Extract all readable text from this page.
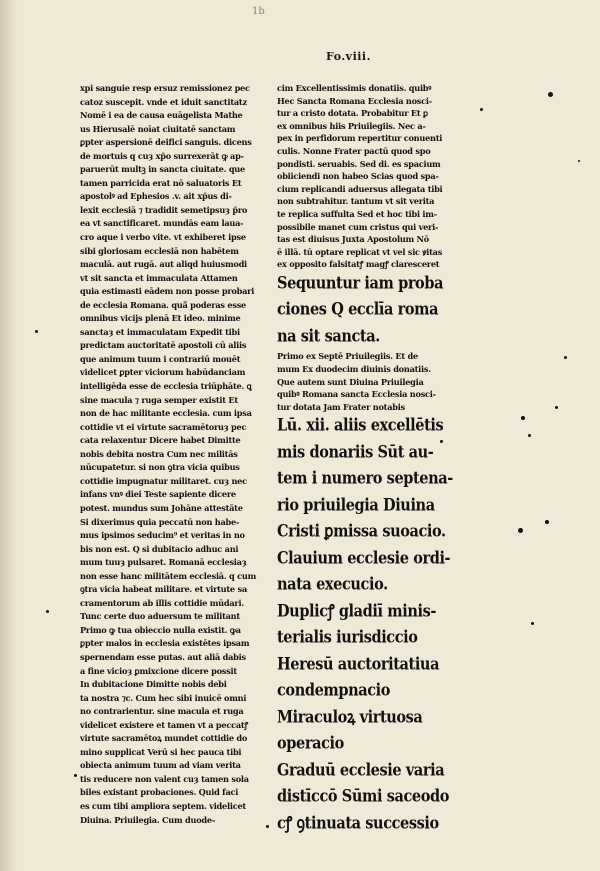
1b
Fo.viii.
xpi sanguie resp ersuz remissionez pec
catoz suscepit. vnde et iduit sanctitatz
Nomē i ea de causa euāgelista Mathe
us Hierusalē noīat ciuitatē sanctam
ꝑpter aspersionē deifici sanguis. dicens
de mortuis q cuȝ xp̄o surrexerāt ꝙ ap-
paruerūt multꝫ in sancta ciuitate. que
tamen parricida erat nō saluatoris Et
apostolꝰ ad Ephesios .v. ait xp̄us di-
lexit ecclesiā ⁊ tradidit semetipsuȝ p̄ro
ea vt sanctificaret. mundās eam laua-
cro aque i verbo vite. vt exhiberet ipse
sibi gloriosam ecclesiā non habētem
maculā. aut rugā. aut aliqd huiusmodi
vt sit sancta et immaculata Attamen
quia estimasti eādem non posse probari
de ecclesia Romana. quā̄ poderas esse
omnibus vicijs plenā Et ideo. minime
sanctaȝ et immaculatam Expedit tibi
predictam auctoritatē apostoli cū aliis
que animum tuum i contrariū mouēt
videlicet ꝑpter viciorum habūdanciam
intelligēda esse de ecclesia triūphāte. ꝗ
sine macula ⁊ ruga semper existit Et
non de hac militante ecclesia. cum ipsa
cottidie vt ei virtute sacramētoruȝ pec
cata relaxentur Dicere habet Dimitte
nobis debita nostra Cum nec militās
nūcupatetur. si non ꝯtra vicia quibus
cottidie impugnatur militaret. cuȝ nec
infans vnꝰ diei Teste sapiente dicere
potest. mundus sum Johāne attestāte
Si dixerimus quia peccatū non habe-
mus ipsimos seducim⁹ et veritas in no
bis non est. Q si dubitacio adhuc ani
mum tuuȝ pulsaret. Romanā ecclesiaȝ
non esse hanc militātem ecclesiā. q cum
ꝯtra vicia habeat militare. et virtute sa
cramentorum ab illis cottidie mūdari.
Tunc certe duo aduersum te militant
Primo ꝙ tua obieccio nulla existit. ꝙa
ꝑpter malos in ecclesia existētes ipsam
spernendam esse putas. aut aliā dabis
a fine vicioȝ ꝑmixcione dicere possit
In dubitacione Dimitte nobis debi
ta nostra ⁊c. Cum hec sibi inuicē omni
no contrarientur. sine macula et ruga
videlicet existere et tamen vt a peccatꝭ
virtute sacramētoꝝ mundet cottidie do
mino supplicat Verū si hec pauca tibi
obiecta animum tuum ad viam verita
tis reducere non valent cuȝ tamen sola
biles existant probaciones. Quid faci
es cum tibi ampliora septem. videlicet
Diuina. Priuilegia. Cum duode-
cim Excellentissimis donatiis. quibꝰ
Hec Sancta Romana Ecclesia nosci-
tur a cristo dotata. Probabitur Et ꝑ
ex omnibus hiis Priuilegiis. Nec a-
pex in perfidorum repertitur conuenti
culis. Nonne Frater pactū quod spo
pondisti. seruabis. Sed di. es spacium
obiiciendi non habeo Scias quod spa-
cium replicandi aduersus allegata tibi
non subtrahitur. tantum vt sit verita
te replica suffulta Sed et hoc tibi im-
possibile manet cum cristus qui veri-
tas est diuisus Juxta Apostolum Nō
ē illā. tū optare replicat vt vel sic ꝟitas
ex opposito falsitatꝭ magꝭ claresceret
Sequuntur iam proba
ciones Q ecclīa roma
na sit sancta.
Primo ex Septē Priuilegiis. Et de
mum Ex duodecim diuinis donatiis.
Que autem sunt Diuina Priuilegia
quibꝰ Romana sancta Ecclesia nosci-
tur dotata Jam Frater notabis
Lū. xii. aliis excellētis
mis donariis Sūt au-
tem i numero septena-
rio priuilegia Diuina
Cristi ꝑmissa suoacio.
Clauium ecclesie ordi-
nata execucio.
Duplicꝭ gladiī minis-
terialis iurisdiccio
Heresū auctoritatiua
condempnacio
Miraculoꝝ virtuosa
operacio
Graduū ecclesie varia
distīccō Sūmi saceodo
cꝭ ꝯtinuata successio
